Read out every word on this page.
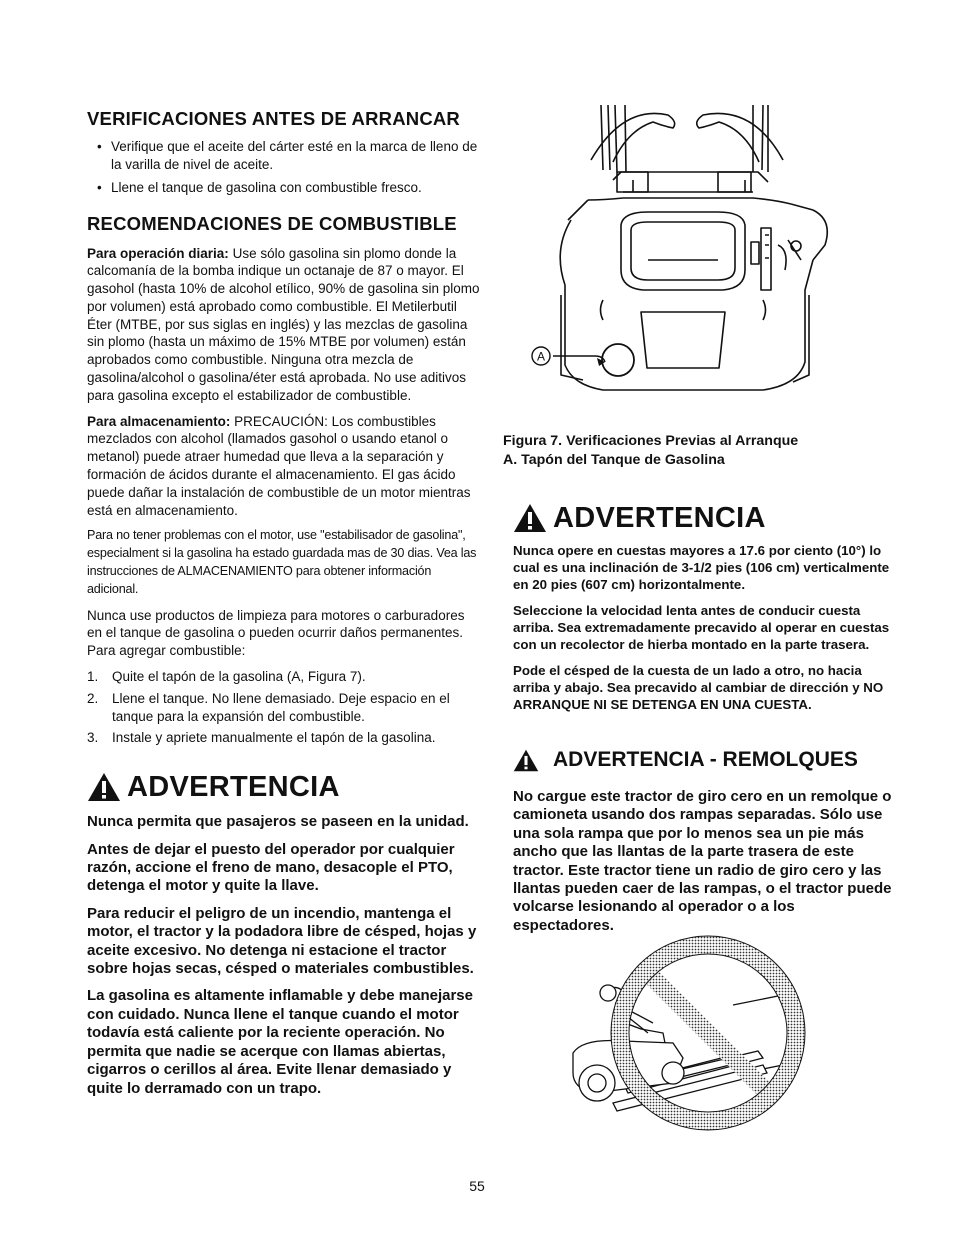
VERIFICACIONES ANTES DE ARRANCAR
• Verifique que el aceite del cárter esté en la marca de lleno de la varilla de nivel de aceite.
• Llene el tanque de gasolina con combustible fresco.
RECOMENDACIONES DE COMBUSTIBLE

Para operación diaria: Use sólo gasolina sin plomo donde la calcomanía de la bomba indique un octanaje de 87 o mayor. El gasohol (hasta 10% de alcohol etílico, 90% de gasolina sin plomo por volumen) está aprobado como combustible. El Metilerbutil Éter (MTBE, por sus siglas en inglés) y las mezclas de gasolina sin plomo (hasta un máximo de 15% MTBE por volumen) están aprobados como combustible. Ninguna otra mezcla de gasolina/alcohol o gasolina/éter está aprobada. No use aditivos para gasolina excepto el estabilizador de combustible.

Para almacenamiento: PRECAUCIÓN: Los combustibles mezclados con alcohol (llamados gasohol o usando etanol o metanol) puede atraer humedad que lleva a la separación y formación de ácidos durante el almacenamiento. El gas ácido puede dañar la instalación de combustible de un motor mientras está en almacenamiento.

Para no tener problemas con el motor, use "estabilisador de gasolina", especialment si la gasolina ha estado guardada mas de 30 dias. Vea las instrucciones de ALMACENAMIENTO para obtener información adicional.

Nunca use productos de limpieza para motores o carburadores en el tanque de gasolina o pueden ocurrir daños permanentes. Para agregar combustible:

1.	Quite el tapón de la gasolina (A, Figura 7).
2.	Llene el tanque. No llene demasiado. Deje espacio en el tanque para la expansión del combustible.
3.	Instale y apriete manualmente el tapón de la gasolina.
ADVERTENCIA

Nunca permita que pasajeros se paseen en la unidad.

Antes de dejar el puesto del operador por cualquier razón, accione el freno de mano, desacople el PTO, detenga el motor y quite la llave.

Para reducir el peligro de un incendio, mantenga el motor, el tractor y la podadora libre de césped, hojas y aceite excesivo. No detenga ni estacione el tractor sobre hojas secas, césped o materiales combustibles.

La gasolina es altamente inflamable y debe manejarse con cuidado. Nunca llene el tanque cuando el motor todavía está caliente por la reciente operación. No permita que nadie se acerque con llamas abiertas, cigarros o cerillos al área. Evite llenar demasiado y quite lo derramado con un trapo.

A
Figura 7. Verificaciones Previas al Arranque
A. Tapón del Tanque de Gasolina
ADVERTENCIA

Nunca opere en cuestas mayores a 17.6 por ciento (10°) lo cual es una inclinación de 3-1/2 pies (106 cm) verticalmente en 20 pies (607 cm) horizontalmente.

Seleccione la velocidad lenta antes de conducir cuesta arriba. Sea extremadamente precavido al operar en cuestas con un recolector de hierba montado en la parte trasera.

Pode el césped de la cuesta de un lado a otro, no hacia arriba y abajo. Sea precavido al cambiar de dirección y NO ARRANQUE NI SE DETENGA EN UNA CUESTA.

ADVERTENCIA - REMOLQUES

No cargue este tractor de giro cero en un remolque o camioneta usando dos rampas separadas. Sólo use una sola rampa que por lo menos sea un pie más ancho que las llantas de la parte trasera de este tractor. Este tractor tiene un radio de giro cero y las llantas pueden caer de las rampas, o el tractor puede volcarse lesionando al operador o a los espectadores.

55
